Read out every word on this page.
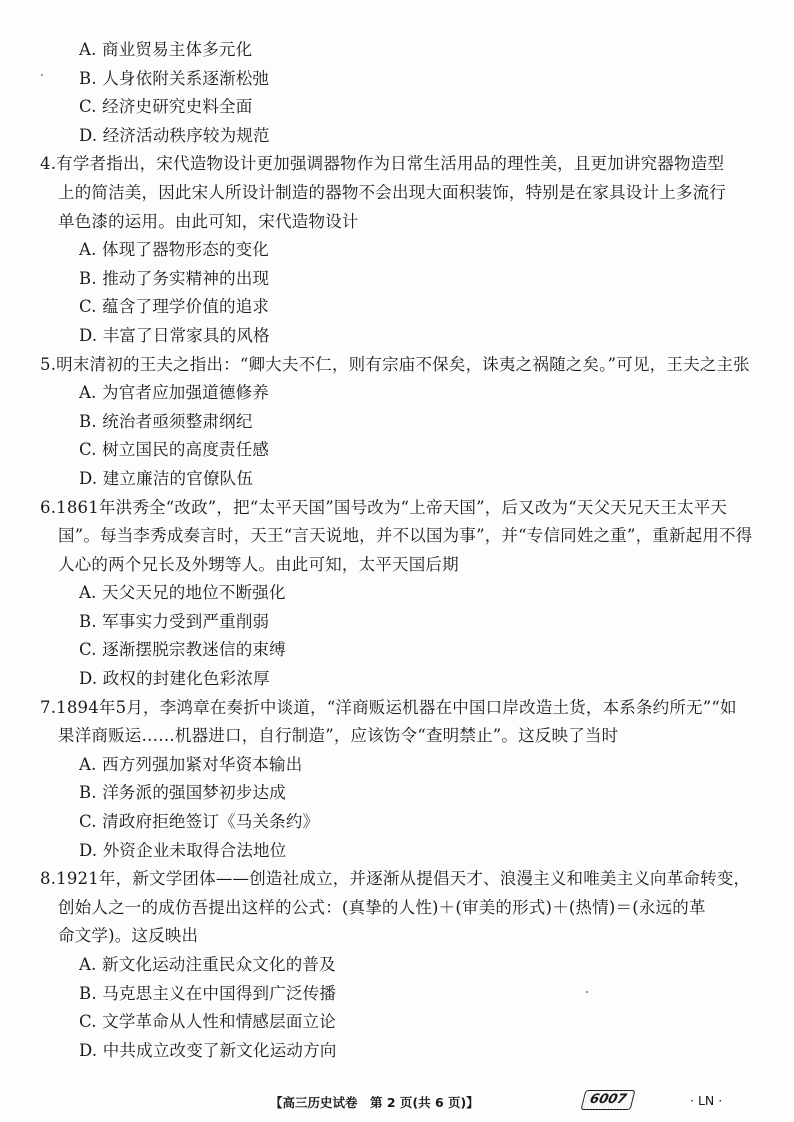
A. 商业贸易主体多元化
B. 人身依附关系逐渐松弛
C. 经济史研究史料全面
D. 经济活动秩序较为规范
4.有学者指出，宋代造物设计更加强调器物作为日常生活用品的理性美，且更加讲究器物造型
上的简洁美，因此宋人所设计制造的器物不会出现大面积装饰，特别是在家具设计上多流行
单色漆的运用。由此可知，宋代造物设计
A. 体现了器物形态的变化
B. 推动了务实精神的出现
C. 蕴含了理学价值的追求
D. 丰富了日常家具的风格
5.明末清初的王夫之指出：“卿大夫不仁，则有宗庙不保矣，诛夷之祸随之矣。”可见，王夫之主张
A. 为官者应加强道德修养
B. 统治者亟须整肃纲纪
C. 树立国民的高度责任感
D. 建立廉洁的官僚队伍
6.1861年洪秀全“改政”，把“太平天国”国号改为“上帝天国”，后又改为“天父天兄天王太平天
国”。每当李秀成奏言时，天王“言天说地，并不以国为事”，并“专信同姓之重”，重新起用不得
人心的两个兄长及外甥等人。由此可知，太平天国后期
A. 天父天兄的地位不断强化
B. 军事实力受到严重削弱
C. 逐渐摆脱宗教迷信的束缚
D. 政权的封建化色彩浓厚
7.1894年5月，李鸿章在奏折中谈道，“洋商贩运机器在中国口岸改造土货，本系条约所无”“如
果洋商贩运……机器进口，自行制造”，应该饬令“查明禁止”。这反映了当时
A. 西方列强加紧对华资本输出
B. 洋务派的强国梦初步达成
C. 清政府拒绝签订《马关条约》
D. 外资企业未取得合法地位
8.1921年，新文学团体——创造社成立，并逐渐从提倡天才、浪漫主义和唯美主义向革命转变，
创始人之一的成仿吾提出这样的公式：(真挚的人性)＋(审美的形式)＋(热情)＝(永远的革
命文学)。这反映出
A. 新文化运动注重民众文化的普及
B. 马克思主义在中国得到广泛传播
C. 文学革命从人性和情感层面立论
D. 中共成立改变了新文化运动方向
【高三历史试卷　第 2 页(共 6 页)】	6007	· LN ·
